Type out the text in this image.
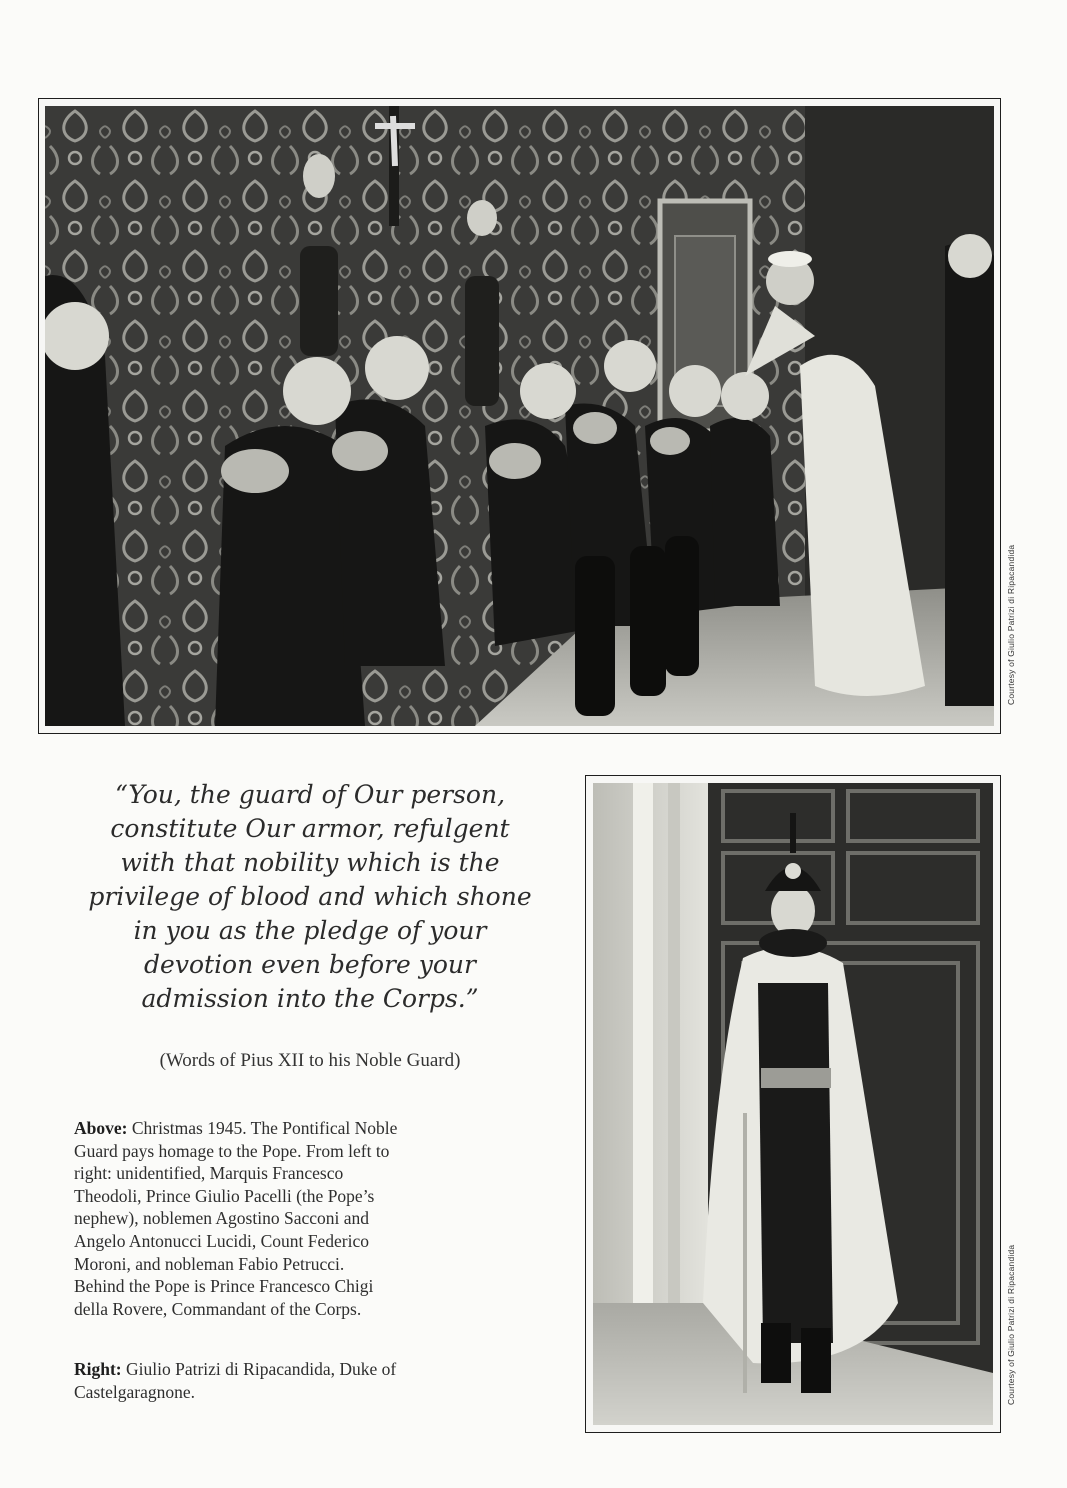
Courtesy of Giulio Patrizi di Ripacandida
“You, the guard of Our person,
constitute Our armor, refulgent
with that nobility which is the
privilege of blood and which shone
in you as the pledge of your
devotion even before your
admission into the Corps.”
(Words of Pius XII to his Noble Guard)
Above: Christmas 1945. The Pontifical Noble
Guard pays homage to the Pope. From left to
right: unidentified, Marquis Francesco
Theodoli, Prince Giulio Pacelli (the Pope’s
nephew), noblemen Agostino Sacconi and
Angelo Antonucci Lucidi, Count Federico
Moroni, and nobleman Fabio Petrucci.
Behind the Pope is Prince Francesco Chigi
della Rovere, Commandant of the Corps.
Right: Giulio Patrizi di Ripacandida, Duke of
Castelgaragnone.	Courtesy of Giulio Patrizi di Ripacandida
